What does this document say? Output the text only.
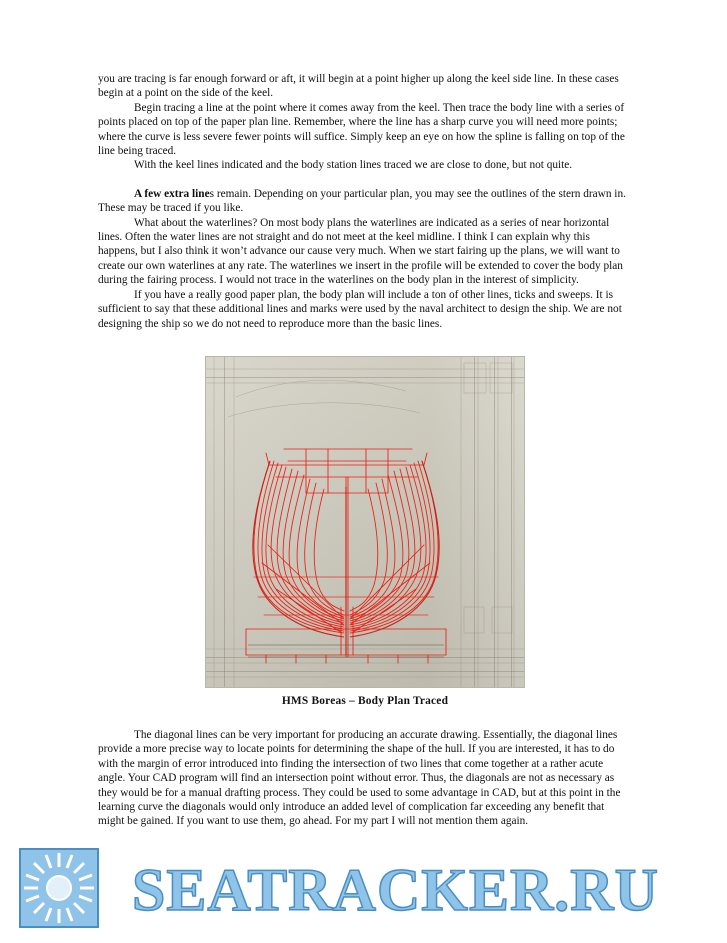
you are tracing is far enough forward or aft, it will begin at a point higher up along the keel side line. In these cases begin at a point on the side of the keel.

Begin tracing a line at the point where it comes away from the keel. Then trace the body line with a series of points placed on top of the paper plan line. Remember, where the line has a sharp curve you will need more points; where the curve is less severe fewer points will suffice. Simply keep an eye on how the spline is falling on top of the line being traced.

With the keel lines indicated and the body station lines traced we are close to done, but not quite.

A few extra lines remain. Depending on your particular plan, you may see the outlines of the stern drawn in. These may be traced if you like.

What about the waterlines? On most body plans the waterlines are indicated as a series of near horizontal lines. Often the water lines are not straight and do not meet at the keel midline. I think I can explain why this happens, but I also think it won’t advance our cause very much. When we start fairing up the plans, we will want to create our own waterlines at any rate. The waterlines we insert in the profile will be extended to cover the body plan during the fairing process. I would not trace in the waterlines on the body plan in the interest of simplicity.

If you have a really good paper plan, the body plan will include a ton of other lines, ticks and sweeps. It is sufficient to say that these additional lines and marks were used by the naval architect to design the ship. We are not designing the ship so we do not need to reproduce more than the basic lines.

HMS Boreas – Body Plan Traced

The diagonal lines can be very important for producing an accurate drawing. Essentially, the diagonal lines provide a more precise way to locate points for determining the shape of the hull. If you are interested, it has to do with the margin of error introduced into finding the intersection of two lines that come together at a rather acute angle. Your CAD program will find an intersection point without error. Thus, the diagonals are not as necessary as they would be for a manual drafting process. They could be used to some advantage in CAD, but at this point in the learning curve the diagonals would only introduce an added level of complication far exceeding any benefit that might be gained. If you want to use them, go ahead. For my part I will not mention them again.

SEATRACKER.RU
